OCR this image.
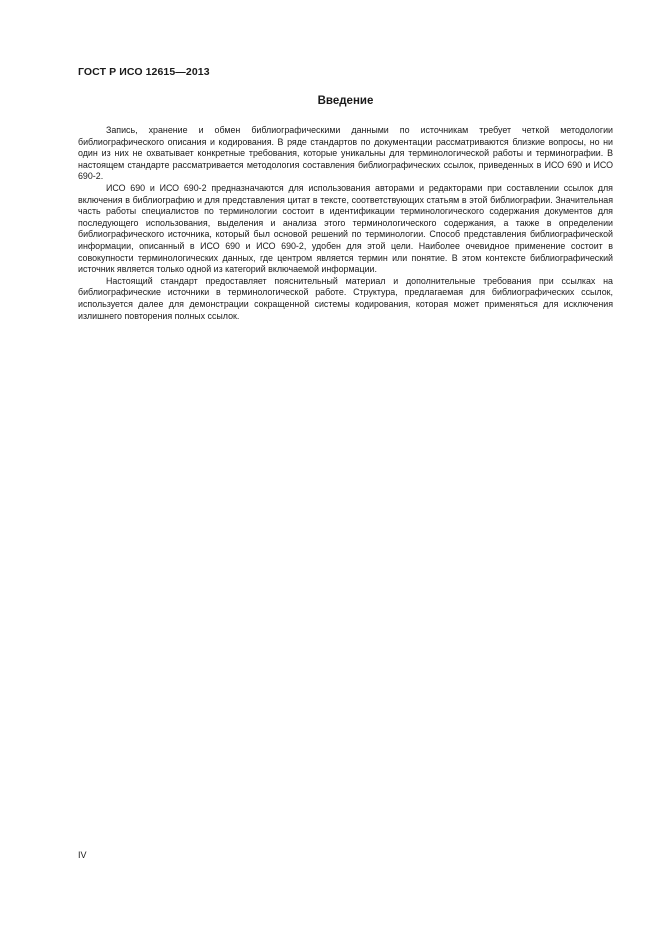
ГОСТ Р ИСО 12615—2013
Введение

Запись, хранение и обмен библиографическими данными по источникам требует четкой методологии библиографического описания и кодирования. В ряде стандартов по документации рассматриваются близкие вопросы, но ни один из них не охватывает конкретные требования, которые уникальны для терминологической работы и терминографии. В настоящем стандарте рассматривается методология составления библиографических ссылок, приведенных в ИСО 690 и ИСО 690-2.

ИСО 690 и ИСО 690-2 предназначаются для использования авторами и редакторами при составлении ссылок для включения в библиографию и для представления цитат в тексте, соответствующих статьям в этой библиографии. Значительная часть работы специалистов по терминологии состоит в идентификации терминологического содержания документов для последующего использования, выделения и анализа этого терминологического содержания, а также в определении библиографического источника, который был основой решений по терминологии. Способ представления библиографической информации, описанный в ИСО 690 и ИСО 690-2, удобен для этой цели. Наиболее очевидное применение состоит в совокупности терминологических данных, где центром является термин или понятие. В этом контексте библиографический источник является только одной из категорий включаемой информации.

Настоящий стандарт предоставляет пояснительный материал и дополнительные требования при ссылках на библиографические источники в терминологической работе. Структура, предлагаемая для библиографических ссылок, используется далее для демонстрации сокращенной системы кодирования, которая может применяться для исключения излишнего повторения полных ссылок.

IV
